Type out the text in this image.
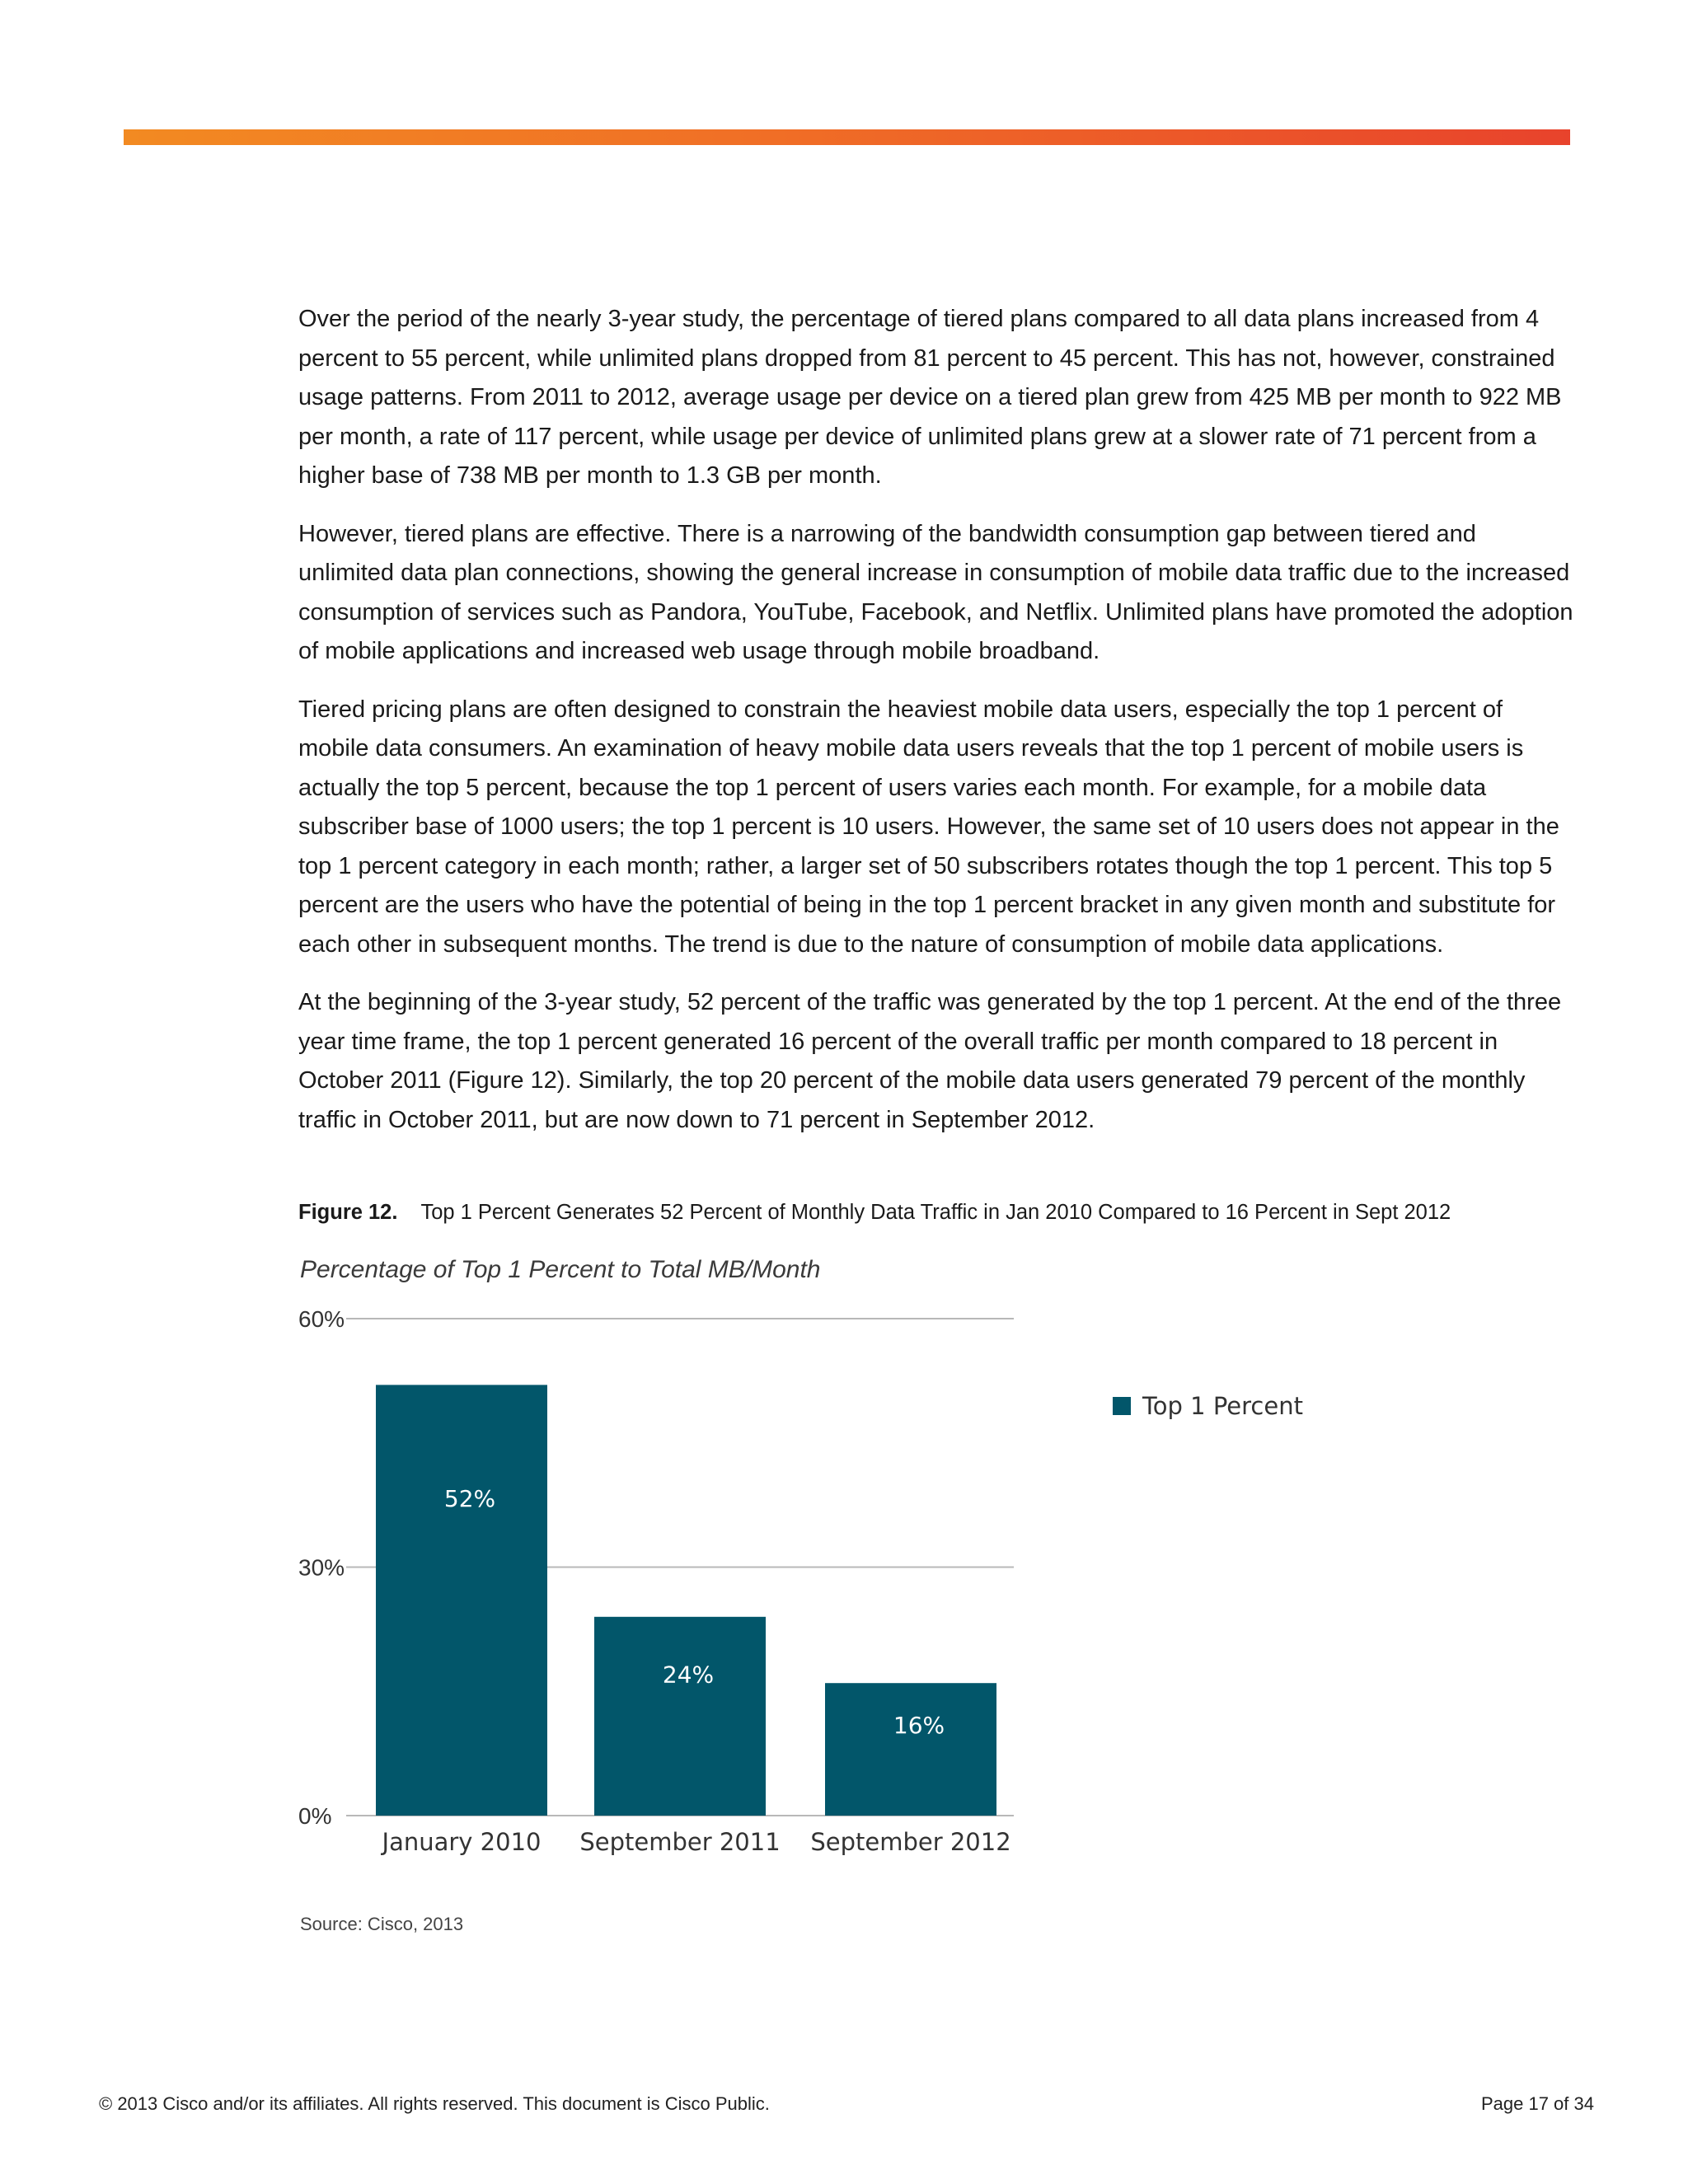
Over the period of the nearly 3-year study, the percentage of tiered plans compared to all data plans increased from 4 percent to 55 percent, while unlimited plans dropped from 81 percent to 45 percent. This has not, however, constrained usage patterns. From 2011 to 2012, average usage per device on a tiered plan grew from 425 MB per month to 922 MB per month, a rate of 117 percent, while usage per device of unlimited plans grew at a slower rate of 71 percent from a higher base of 738 MB per month to 1.3 GB per month.

However, tiered plans are effective. There is a narrowing of the bandwidth consumption gap between tiered and unlimited data plan connections, showing the general increase in consumption of mobile data traffic due to the increased consumption of services such as Pandora, YouTube, Facebook, and Netflix. Unlimited plans have promoted the adoption of mobile applications and increased web usage through mobile broadband.

Tiered pricing plans are often designed to constrain the heaviest mobile data users, especially the top 1 percent of mobile data consumers. An examination of heavy mobile data users reveals that the top 1 percent of mobile users is actually the top 5 percent, because the top 1 percent of users varies each month. For example, for a mobile data subscriber base of 1000 users; the top 1 percent is 10 users. However, the same set of 10 users does not appear in the top 1 percent category in each month; rather, a larger set of 50 subscribers rotates though the top 1 percent. This top 5 percent are the users who have the potential of being in the top 1 percent bracket in any given month and substitute for each other in subsequent months. The trend is due to the nature of consumption of mobile data applications.

At the beginning of the 3-year study, 52 percent of the traffic was generated by the top 1 percent. At the end of the three year time frame, the top 1 percent generated 16 percent of the overall traffic per month compared to 18 percent in October 2011 (Figure 12). Similarly, the top 20 percent of the mobile data users generated 79 percent of the monthly traffic in October 2011, but are now down to 71 percent in September 2012.

Figure 12. Top 1 Percent Generates 52 Percent of Monthly Data Traffic in Jan 2010 Compared to 16 Percent in Sept 2012
Percentage of Top 1 Percent to Total MB/Month
0%
30%
60%
52%
January 2010
24%
September 2011
16%
September 2012
Top 1 Percent
Source: Cisco, 2013
© 2013 Cisco and/or its affiliates. All rights reserved. This document is Cisco Public.	Page 17 of 34
